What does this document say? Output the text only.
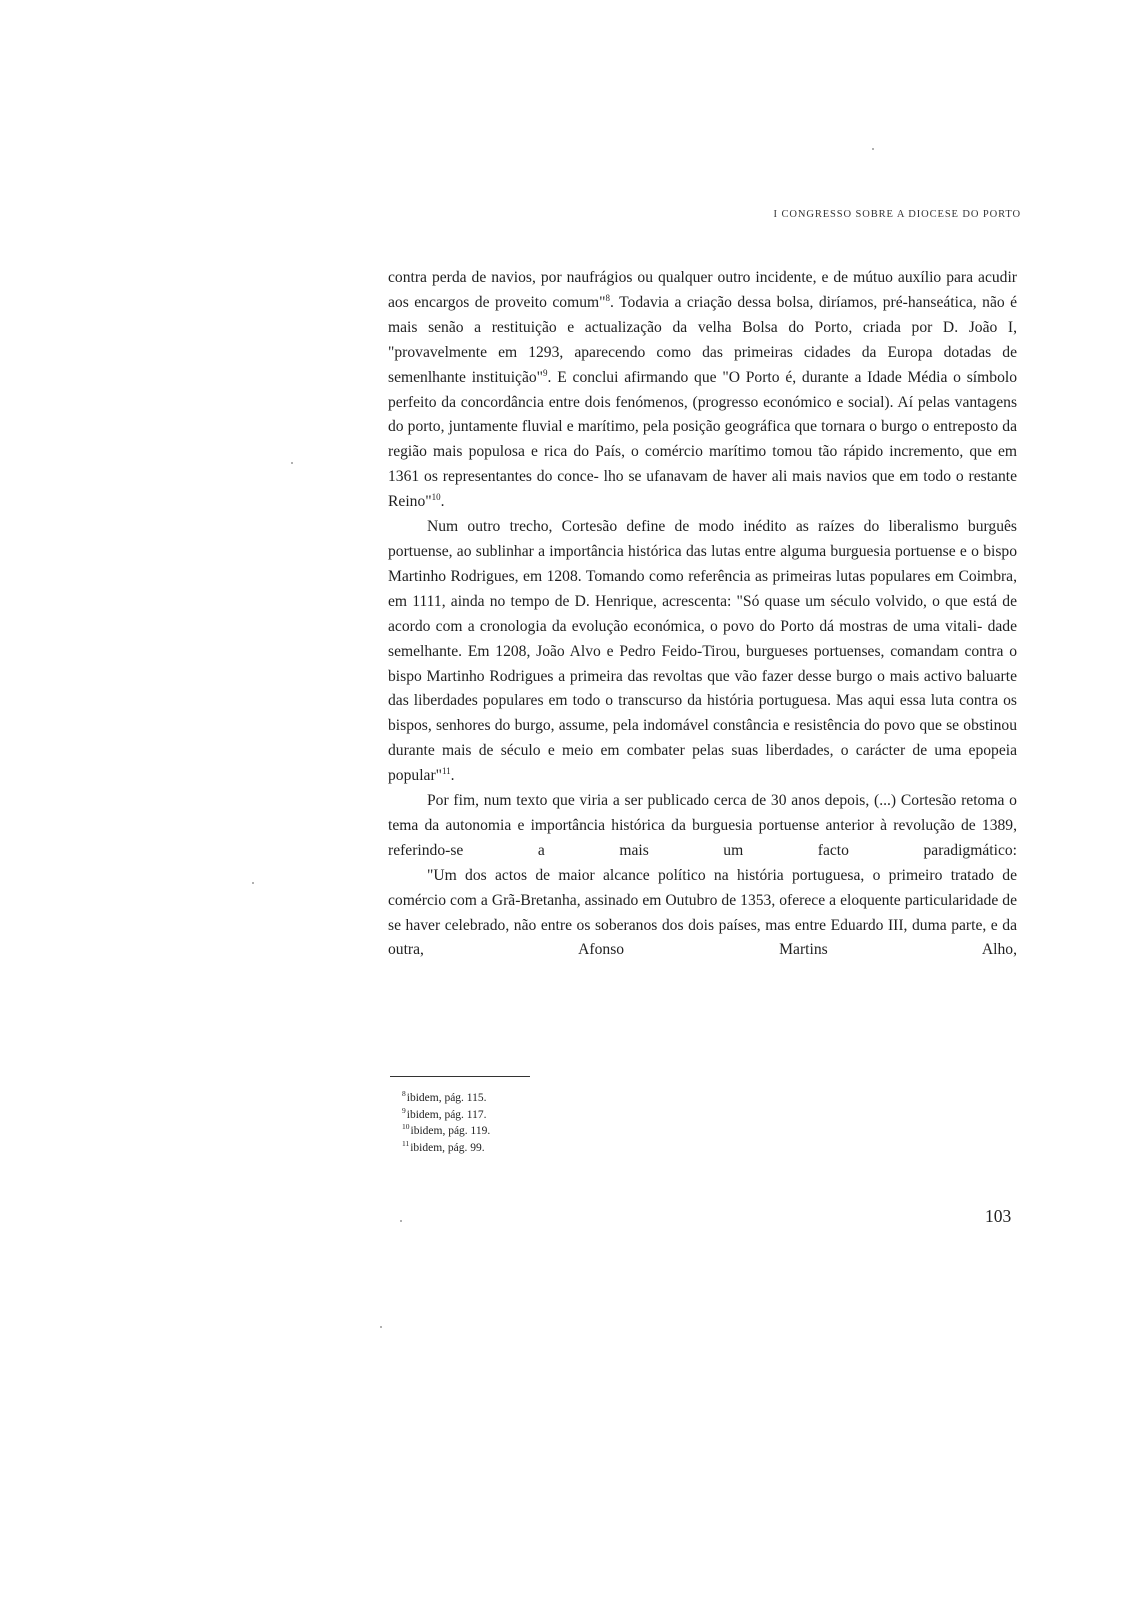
I CONGRESSO SOBRE A DIOCESE DO PORTO

contra perda de navios, por naufrágios ou qualquer outro incidente, e de mútuo auxílio para acudir aos encargos de proveito comum"$^8$. Todavia a criação dessa bolsa, diríamos, pré-hanseática, não é mais senão a restituição e actualização da velha Bolsa do Porto, criada por D. João I, "provavelmente em 1293, aparecendo como das primeiras cidades da Europa dotadas de semenlhante instituição"$^9$. E conclui afirmando que "O Porto é, durante a Idade Média o símbolo perfeito da concordância entre dois fenómenos, (progresso económico e social). Aí pelas vantagens do porto, juntamente fluvial e marítimo, pela posição geográfica que tornara o burgo o entreposto da região mais populosa e rica do País, o comércio marítimo tomou tão rápido incremento, que em 1361 os representantes do conce- lho se ufanavam de haver ali mais navios que em todo o restante Reino"$^{10}$.

Num outro trecho, Cortesão define de modo inédito as raízes do liberalismo burguês portuense, ao sublinhar a importância histórica das lutas entre alguma burguesia portuense e o bispo Martinho Rodrigues, em 1208. Tomando como referência as primeiras lutas populares em Coimbra, em 1111, ainda no tempo de D. Henrique, acrescenta: "Só quase um século volvido, o que está de acordo com a cronologia da evolução económica, o povo do Porto dá mostras de uma vitali- dade semelhante. Em 1208, João Alvo e Pedro Feido-Tirou, burgueses portuenses, comandam contra o bispo Martinho Rodrigues a primeira das revoltas que vão fazer desse burgo o mais activo baluarte das liberdades populares em todo o transcurso da história portuguesa. Mas aqui essa luta contra os bispos, senhores do burgo, assume, pela indomável constância e resistência do povo que se obstinou durante mais de século e meio em combater pelas suas liberdades, o carácter de uma epopeia popular"$^{11}$.

Por fim, num texto que viria a ser publicado cerca de 30 anos depois, (...) Cortesão retoma o tema da autonomia e importância histórica da burguesia portuense anterior à revolução de 1389, referindo-se a mais um facto paradigmático:

"Um dos actos de maior alcance político na história portuguesa, o primeiro tratado de comércio com a Grã-Bretanha, assinado em Outubro de 1353, oferece a eloquente particularidade de se haver celebrado, não entre os soberanos dos dois países, mas entre Eduardo III, duma parte, e da outra, Afonso Martins Alho,

$^8$ibidem, pág. 115.
$^9$ibidem, pág. 117.
$^{10}$ibidem, pág. 119.
$^{11}$ibidem, pág. 99.
103
